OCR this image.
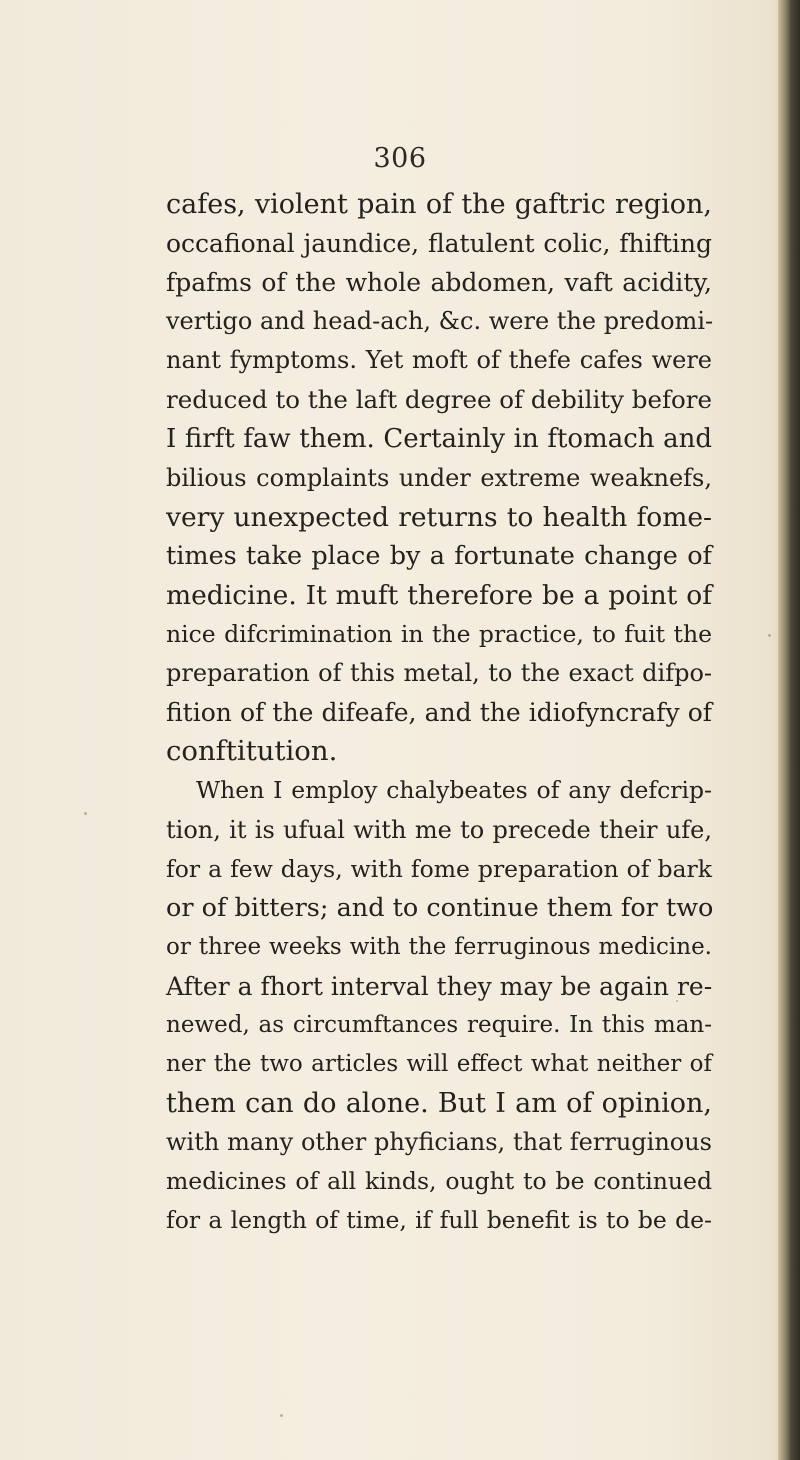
306
cafes, violent pain of the gaftric region,
occafional jaundice, flatulent colic, fhifting
fpafms of the whole abdomen, vaft acidity,
vertigo and head-ach, &c. were the predomi-
nant fymptoms. Yet moft of thefe cafes were
reduced to the laft degree of debility before
I firft faw them. Certainly in ftomach and
bilious complaints under extreme weaknefs,
very unexpected returns to health fome-
times take place by a fortunate change of
medicine. It muft therefore be a point of
nice difcrimination in the practice, to fuit the
preparation of this metal, to the exact difpo-
fition of the difeafe, and the idiofyncrafy of
conftitution.
When I employ chalybeates of any defcrip-
tion, it is ufual with me to precede their ufe,
for a few days, with fome preparation of bark
or of bitters; and to continue them for two
or three weeks with the ferruginous medicine.
After a fhort interval they may be again re-
newed, as circumftances require. In this man-
ner the two articles will effect what neither of
them can do alone. But I am of opinion,
with many other phyficians, that ferruginous
medicines of all kinds, ought to be continued
for a length of time, if full benefit is to be de-
